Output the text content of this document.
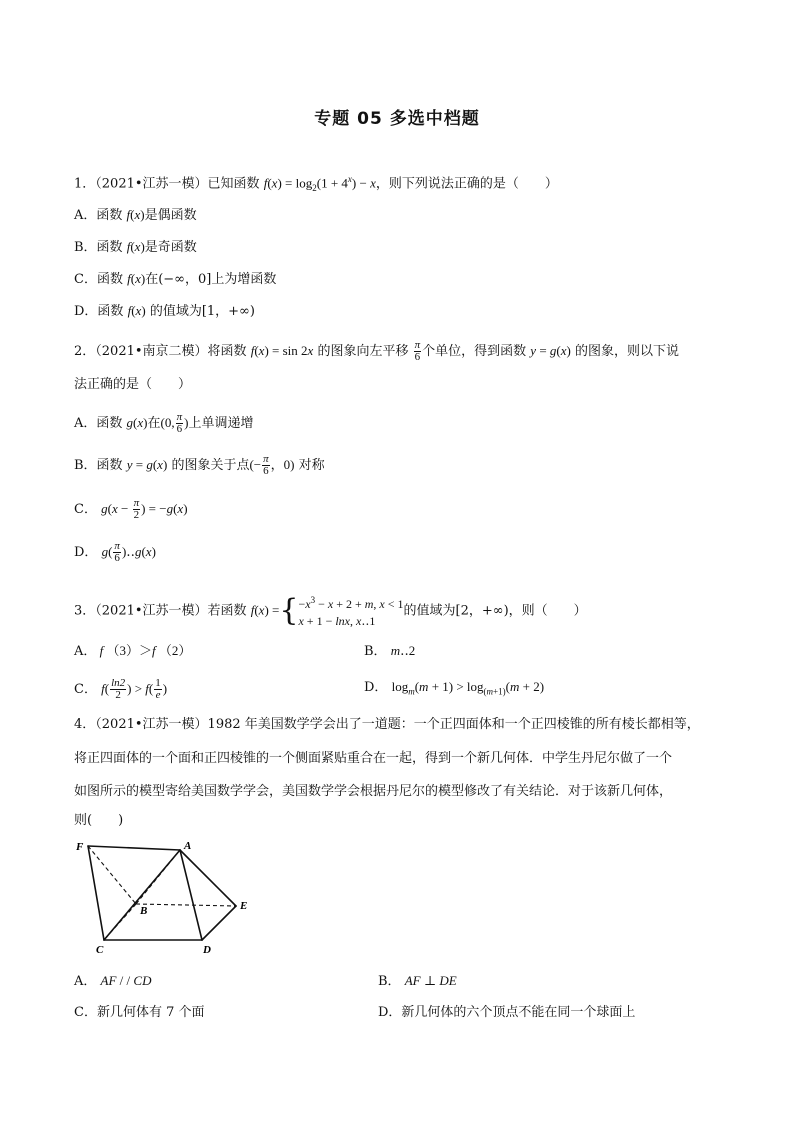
专题 05 多选中档题
1．（2021•江苏一模）已知函数 $f(x) = \log_2(1 + 4^x) - x$，则下列说法正确的是（　　）
A．函数 f(x)是偶函数
B．函数 f(x)是奇函数
C．函数 f(x)在(−∞，0]上为增函数
D．函数 f(x) 的值域为[1，+∞)
2．（2021•南京二模）将函数 f(x) = sin 2x 的图象向左平移 $\frac{\pi}{6}$ 个单位，得到函数 y = g(x) 的图象，则以下说
法正确的是（　　）
A．函数 g(x)在(0, $\frac{\pi}{6}$ )上单调递增
B．函数 y = g(x) 的图象关于点(− $\frac{\pi}{6}$ ，0) 对称
C． $g(x - \frac{\pi}{2}$ ) = −g(x)
D． $g( \frac{\pi}{6}$ )‥g(x)
3．（2021•江苏一模）若函数 f(x) ={ $-x^3 - x + 2 + m$, x < 1
x + 1 − lnx, x‥1
的值域为[2，+∞)，则（　　）
A． f （3）＞f （2）	B． m‥2
C． $f( \frac{\ln 2}{2}$ ) > $f( \frac{1}{e}$ )	D． $\log_m(m + 1) > \log_{(m+1)}(m + 2)$
4．（2021•江苏一模）1982 年美国数学学会出了一道题：一个正四面体和一个正四棱锥的所有棱长都相等，
将正四面体的一个面和正四棱锥的一个侧面紧贴重合在一起，得到一个新几何体．中学生丹尼尔做了一个
如图所示的模型寄给美国数学学会，美国数学学会根据丹尼尔的模型修改了有关结论．对于该新几何体，
则(　　)
F	A
B	E
C	D
A． AF / / CD	B． AF ⊥ DE
C．新几何体有 7 个面	D．新几何体的六个顶点不能在同一个球面上
